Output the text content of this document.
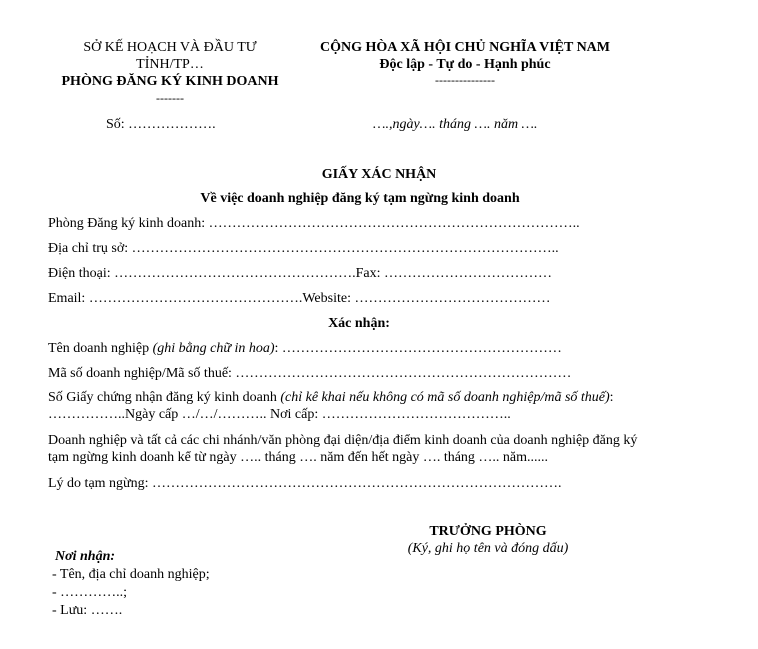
SỞ KẾ HOẠCH VÀ ĐẦU TƯ
TỈNH/TP…
PHÒNG ĐĂNG KÝ KINH DOANH
-------
CỘNG HÒA XÃ HỘI CHỦ NGHĨA VIỆT NAM
Độc lập - Tự do - Hạnh phúc
---------------
Số: ……………….	….,ngày…. tháng …. năm ….
GIẤY XÁC NHẬN
Về việc doanh nghiệp đăng ký tạm ngừng kinh doanh
Phòng Đăng ký kinh doanh: ……………………………………………………………………..
Địa chỉ trụ sở: ………………………………………………………………………………..
Điện thoại: …………………………………………….Fax: ………………………………
Email: ……………………………………….Website: ……………………………………
Xác nhận:
Tên doanh nghiệp (ghi bằng chữ in hoa): ……………………………………………………
Mã số doanh nghiệp/Mã số thuế: ………………………………………………………………
Số Giấy chứng nhận đăng ký kinh doanh (chỉ kê khai nếu không có mã số doanh nghiệp/mã số thuế):
……………..Ngày cấp …/…/……….. Nơi cấp: …………………………………..
Doanh nghiệp và tất cả các chi nhánh/văn phòng đại diện/địa điểm kinh doanh của doanh nghiệp đăng ký
tạm ngừng kinh doanh kể từ ngày ….. tháng …. năm đến hết ngày …. tháng ….. năm......
Lý do tạm ngừng: …………………………………………………………………………….
TRƯỞNG PHÒNG
(Ký, ghi họ tên và đóng dấu)
Nơi nhận:
- Tên, địa chỉ doanh nghiệp;
- …………..;
- Lưu: …….
